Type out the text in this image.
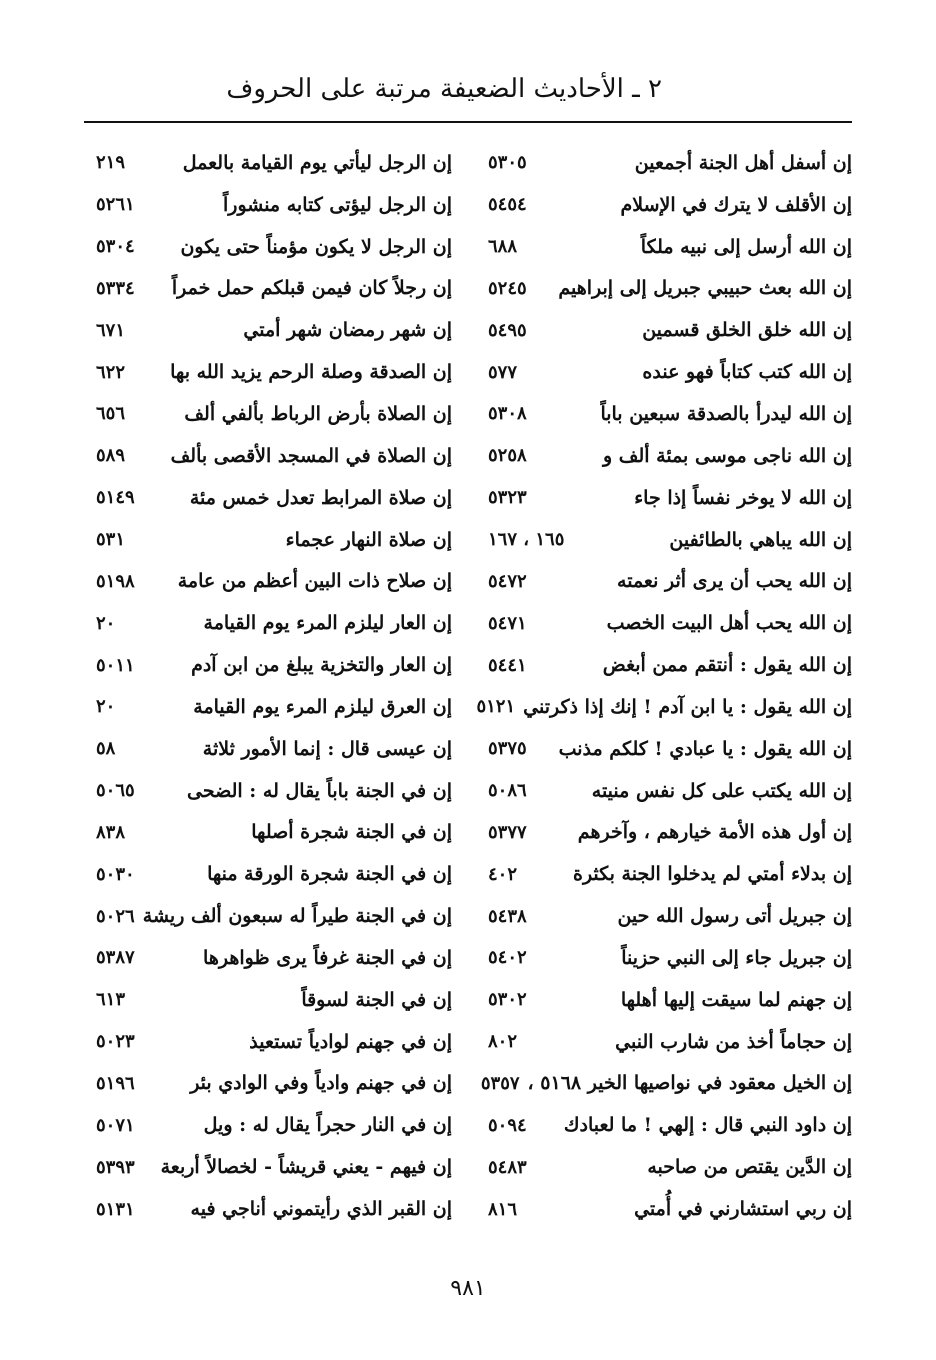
٢ ـ الأحاديث الضعيفة مرتبة على الحروف
إن أسفل أهل الجنة أجمعين
٥٣٠٥
إن الأقلف لا يترك في الإسلام
٥٤٥٤
إن الله أرسل إلى نبيه ملكاً
٦٨٨
إن الله بعث حبيبي جبريل إلى إبراهيم
٥٢٤٥
إن الله خلق الخلق قسمين
٥٤٩٥
إن الله كتب كتاباً فهو عنده
٥٧٧
إن الله ليدرأ بالصدقة سبعين باباً
٥٣٠٨
إن الله ناجى موسى بمئة ألف و
٥٢٥٨
إن الله لا يوخر نفساً إذا جاء
٥٣٢٣
إن الله يباهي بالطائفين
١٦٥ ، ١٦٧
إن الله يحب أن يرى أثر نعمته
٥٤٧٢
إن الله يحب أهل البيت الخصب
٥٤٧١
إن الله يقول : أنتقم ممن أبغض
٥٤٤١
إن الله يقول : يا ابن آدم ! إنك إذا ذكرتني
٥١٢١
إن الله يقول : يا عبادي ! كلكم مذنب
٥٣٧٥
إن الله يكتب على كل نفس منيته
٥٠٨٦
إن أول هذه الأمة خيارهم ، وآخرهم
٥٣٧٧
إن بدلاء أمتي لم يدخلوا الجنة بكثرة
٤٠٢
إن جبريل أتى رسول الله حين
٥٤٣٨
إن جبريل جاء إلى النبي حزيناً
٥٤٠٢
إن جهنم لما سيقت إليها أهلها
٥٣٠٢
إن حجاماً أخذ من شارب النبي
٨٠٢
إن الخيل معقود في نواصيها الخير ٥١٦٨ ،
٥٣٥٧
إن داود النبي قال : إلهي ! ما لعبادك
٥٠٩٤
إن الدَّين يقتص من صاحبه
٥٤٨٣
إن ربي استشارني في أُمتي
٨١٦
إن الرجل ليأتي يوم القيامة بالعمل
٢١٩
إن الرجل ليؤتى كتابه منشوراً
٥٢٦١
إن الرجل لا يكون مؤمناً حتى يكون
٥٣٠٤
إن رجلاً كان فيمن قبلكم حمل خمراً
٥٣٣٤
إن شهر رمضان شهر أمتي
٦٧١
إن الصدقة وصلة الرحم يزيد الله بها
٦٢٢
إن الصلاة بأرض الرباط بألفي ألف
٦٥٦
إن الصلاة في المسجد الأقصى بألف
٥٨٩
إن صلاة المرابط تعدل خمس مئة
٥١٤٩
إن صلاة النهار عجماء
٥٣١
إن صلاح ذات البين أعظم من عامة
٥١٩٨
إن العار ليلزم المرء يوم القيامة
٢٠
إن العار والتخزية يبلغ من ابن آدم
٥٠١١
إن العرق ليلزم المرء يوم القيامة
٢٠
إن عيسى قال : إنما الأمور ثلاثة
٥٨
إن في الجنة باباً يقال له : الضحى
٥٠٦٥
إن في الجنة شجرة أصلها
٨٣٨
إن في الجنة شجرة الورقة منها
٥٠٣٠
إن في الجنة طيراً له سبعون ألف ريشة
٥٠٢٦
إن في الجنة غرفاً يرى ظواهرها
٥٣٨٧
إن في الجنة لسوقاً
٦١٣
إن في جهنم لوادياً تستعيذ
٥٠٢٣
إن في جهنم وادياً وفي الوادي بئر
٥١٩٦
إن في النار حجراً يقال له : ويل
٥٠٧١
إن فيهم - يعني قريشاً - لخصالاً أربعة
٥٣٩٣
إن القبر الذي رأيتموني أناجي فيه
٥١٣١
٩٨١
